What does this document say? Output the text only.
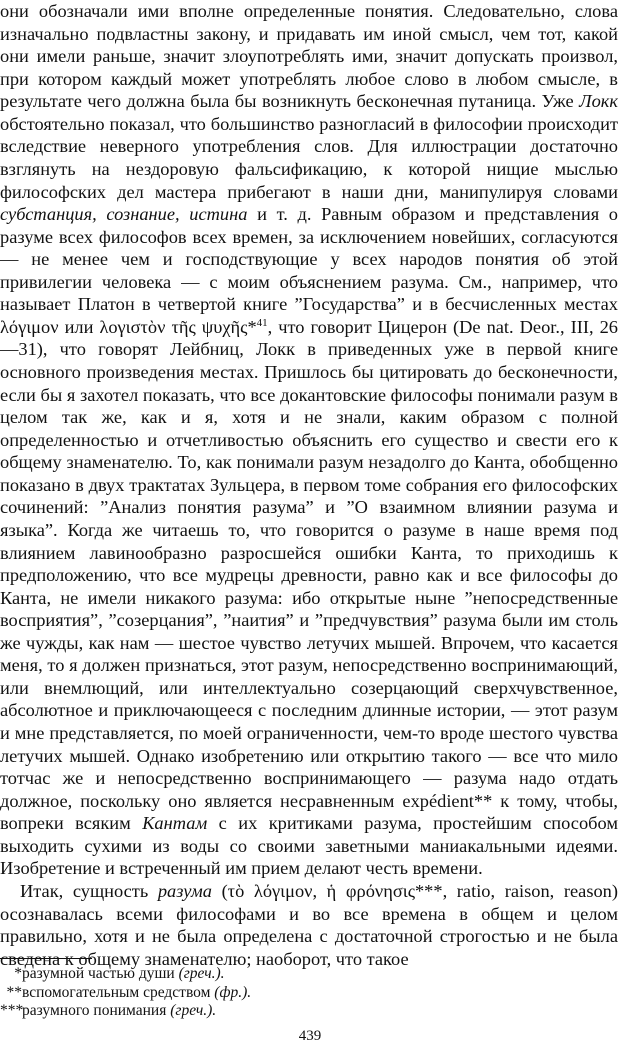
они обозначали ими вполне определенные понятия. Следовательно, слова изначально подвластны закону, и придавать им иной смысл, чем тот, какой они имели раньше, значит злоупотреблять ими, значит допускать произвол, при котором каждый может употреблять любое слово в любом смысле, в результате чего должна была бы возникнуть бесконечная путаница. Уже Локк обстоятельно показал, что большинство разногласий в философии происходит вследствие неверного употребления слов. Для иллюстрации достаточно взглянуть на нездоровую фальсификацию, к которой нищие мыслью философских дел мастера прибегают в наши дни, манипулируя словами субстанция, сознание, истина и т. д. Равным образом и представления о разуме всех философов всех времен, за исключением новейших, согласуются — не менее чем и господствующие у всех народов понятия об этой привилегии человека — с моим объяснением разума. См., например, что называет Платон в четвертой книге ”Государства” и в бесчисленных местах λόγιμον или λογιστὸν τῆς ψυχῆς*$^{41}$, что говорит Цицерон (De nat. Deor., III, 26—31), что говорят Лейбниц, Локк в приведенных уже в первой книге основного произведения местах. Пришлось бы цитировать до бесконечности, если бы я захотел показать, что все докантовские философы понимали разум в целом так же, как и я, хотя и не знали, каким образом с полной определенностью и отчетливостью объяснить его существо и свести его к общему знаменателю. То, как понимали разум незадолго до Канта, обобщенно показано в двух трактатах Зульцера, в первом томе собрания его философских сочинений: ”Анализ понятия разума” и ”О взаимном влиянии разума и языка”. Когда же читаешь то, что говорится о разуме в наше время под влиянием лавинообразно разросшейся ошибки Канта, то приходишь к предположению, что все мудрецы древности, равно как и все философы до Канта, не имели никакого разума: ибо открытые ныне ”непосредственные восприятия”, ”созерцания”, ”наития” и ”предчувствия” разума были им столь же чужды, как нам — шестое чувство летучих мышей. Впрочем, что касается меня, то я должен признаться, этот разум, непосредственно воспринимающий, или внемлющий, или интеллектуально созерцающий сверхчувственное, абсолютное и приключающееся с последним длинные истории, — этот разум и мне представляется, по моей ограниченности, чем-то вроде шестого чувства летучих мышей. Однако изобретению или открытию такого — все что мило тотчас же и непосредственно воспринимающего — разума надо отдать должное, поскольку оно является несравненным expédient** к тому, чтобы, вопреки всяким Кантам с их критиками разума, простейшим способом выходить сухими из воды со своими заветными маниакальными идеями. Изобретение и встреченный им прием делают честь времени.

Итак, сущность разума (τὸ λόγιμον, ἡ φρόνησις***, ratio, raison, reason) осознавалась всеми философами и во все времена в общем и целом правильно, хотя и не была определена с достаточной строгостью и не была сведена к общему знаменателю; наоборот, что такое

*разумной частью души (греч.).
**вспомогательным средством (фр.).
***разумного понимания (греч.).
439
